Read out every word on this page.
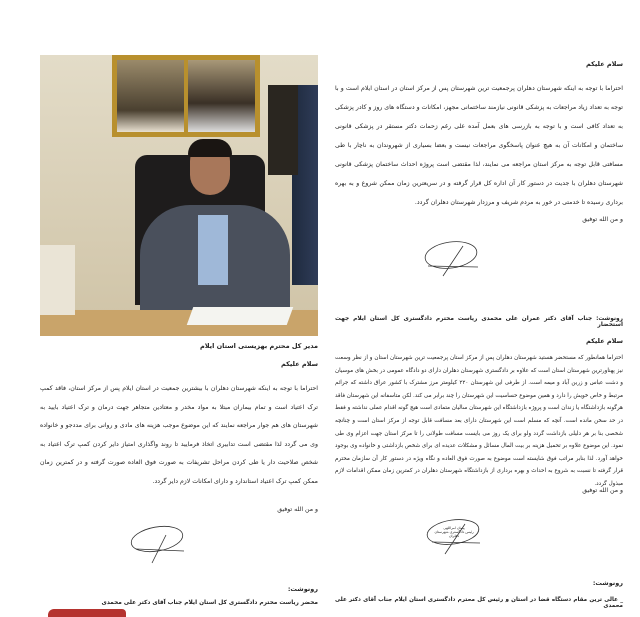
سلام علیکم
احتراما با توجه به اینکه شهرستان دهلران پرجمعیت ترین شهرستان پس از مرکز استان در استان ایلام است و با توجه به تعداد زیاد مراجعات به پزشکی قانونی نیازمند ساختمانی مجهز، امکانات و دستگاه های روز و کادر پزشکی به تعداد کافی است و با توجه به بازرسی های بعمل آمده علی رغم زحمات دکتر مستقر در پزشکی قانونی ساختمان و امکانات آن به هیچ عنوان پاسخگوی مراجعات نیست و بعضا بسیاری از شهروندان به ناچار با طی مسافتی قابل توجه به مرکز استان مراجعه می نمایند، لذا مقتضی است پروژه احداث ساختمان پزشکی قانونی شهرستان دهلران با جدیت در دستور کار آن اداره کل قرار گرفته و در سریعترین زمان ممکن شروع و به بهره برداری رسیده تا خدمتی در خور به مردم شریف و مرزدار شهرستان دهلران گردد.
و من الله توفیق
رونوشت: جناب آقای دکتر عمران علی محمدی ریاست محترم دادگستری کل استان ایلام جهت استحضار
سلام علیکم
احتراما همانطور که مستحضر هستید شهرستان دهلران پس از مرکز استان پرجمعیت ترین شهرستان استان و از نظر وسعت نیز پهناورترین شهرستان استان است که علاوه بر دادگستری شهرستان دهلران دارای دو دادگاه عمومی در بخش های موسیان و دشت عباس و زرین آباد و میمه است. از طرفی این شهرستان ۲۲۰ کیلومتر مرز مشترک با کشور عراق داشته که جرائم مرتبط و خاص خویش را دارد و همین موضوع حساسیت این شهرستان را چند برابر می کند. لکن متاسفانه این شهرستان فاقد هرگونه بازداشتگاه یا زندان است و پروژه بازداشتگاه این شهرستان سالیان متمادی است هیچ گونه اقدام عملی نداشته و فقط در حد سخن مانده است. آنچه که مسلم است این شهرستان دارای بعد مسافت قابل توجه از مرکز استان است و چنانچه شخصی بنا بر هر دلیلی بازداشت گردد ولو برای یک روز می بایست مسافت طولانی را تا مرکز استان جهت اعزام وی طی نمود. این موضوع علاوه بر تحمیل هزینه بر بیت المال مسائل و مشکلات عدیده ای برای شخص بازداشتی و خانواده وی بوجود خواهد آورد. لذا بنابر مراتب فوق شایسته است موضوع به صورت فوق العاده و نگاه ویژه در دستور کار آن سازمان محترم قرار گرفته تا نسبت به شروع به احداث و بهره برداری از بازداشتگاه شهرستان دهلران در کمترین زمان ممکن اقدامات لازم مبذول گردد.
و من الله توفیق
پیمان امراللهی
رئیس دادگستری شهرستان دهلران
رونوشت:
_ عالی ترین مقام دستگاه قضا در استان و رئیس کل محترم دادگستری استان ایلام جناب آقای دکتر علی محمدی
مدیر کل محترم بهزیستی استان ایلام
سلام علیکم
احتراما با توجه به اینکه شهرستان دهلران با بیشترین جمعیت در استان ایلام پس از مرکز استان، فاقد کمپ ترک اعتیاد است و تمام بیماران مبتلا به مواد مخدر و معتادین متجاهر جهت درمان و ترک اعتیاد بایید به شهرستان های هم جوار مراجعه نمایند که این موضوع موجب هزینه های مادی و روانی برای مددجو و خانواده وی می گردد لذا مقتضی است تدابیری اتخاذ فرمایید تا روند واگذاری امتیاز دایر کردن کمپ ترک اعتیاد به شخص صلاحیت دار یا طی کردن مراحل تشریفات به صورت فوق العاده صورت گرفته و در کمترین زمان ممکن کمپ ترک اعتیاد استاندارد و دارای امکانات لازم دایر گردد.
و من الله توفیق
رونوشت:
محضر ریاست محترم دادگستری کل استان ایلام جناب آقای دکتر علی محمدی
